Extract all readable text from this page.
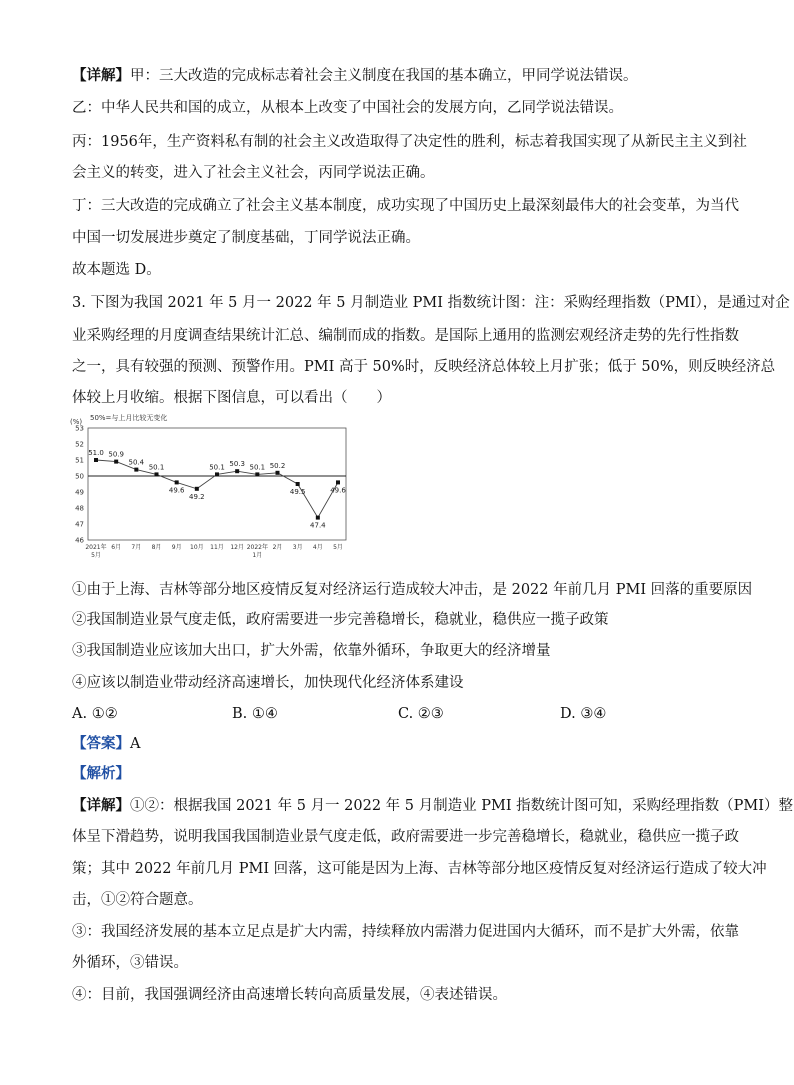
【详解】甲：三大改造的完成标志着社会主义制度在我国的基本确立，甲同学说法错误。
乙：中华人民共和国的成立，从根本上改变了中国社会的发展方向，乙同学说法错误。
丙：1956年，生产资料私有制的社会主义改造取得了决定性的胜利，标志着我国实现了从新民主主义到社
会主义的转变，进入了社会主义社会，丙同学说法正确。
丁：三大改造的完成确立了社会主义基本制度，成功实现了中国历史上最深刻最伟大的社会变革，为当代
中国一切发展进步奠定了制度基础，丁同学说法正确。
故本题选 D。
3. 下图为我国 2021 年 5 月一 2022 年 5 月制造业 PMI 指数统计图：注：采购经理指数（PMI），是通过对企
业采购经理的月度调查结果统计汇总、编制而成的指数。是国际上通用的监测宏观经济走势的先行性指数
之一，具有较强的预测、预警作用。PMI 高于 50%时，反映经济总体较上月扩张；低于 50%，则反映经济总
体较上月收缩。根据下图信息，可以看出（　　）
(%) 50%=与上月比较无变化
53
52
51
50
49
48
47
46
51.0 50.9
50.4
50.1
49.6
49.2
50.1 50.3 50.1 50.2
49.5
47.4
49.6
2021年
5月
6月 7月 8月 9月 10月 11月 12月 2022年
1月
2月 3月 4月 5月
①由于上海、吉林等部分地区疫情反复对经济运行造成较大冲击，是 2022 年前几月 PMI 回落的重要原因
②我国制造业景气度走低，政府需要进一步完善稳增长，稳就业，稳供应一揽子政策
③我国制造业应该加大出口，扩大外需，依靠外循环，争取更大的经济增量
④应该以制造业带动经济高速增长，加快现代化经济体系建设
A. ①②	B. ①④	C. ②③	D. ③④
【答案】A
【解析】
【详解】①②：根据我国 2021 年 5 月一 2022 年 5 月制造业 PMI 指数统计图可知，采购经理指数（PMI）整
体呈下滑趋势，说明我国我国制造业景气度走低，政府需要进一步完善稳增长，稳就业，稳供应一揽子政
策；其中 2022 年前几月 PMI 回落，这可能是因为上海、吉林等部分地区疫情反复对经济运行造成了较大冲
击，①②符合题意。
③：我国经济发展的基本立足点是扩大内需，持续释放内需潜力促进国内大循环，而不是扩大外需，依靠
外循环，③错误。
④：目前，我国强调经济由高速增长转向高质量发展，④表述错误。
